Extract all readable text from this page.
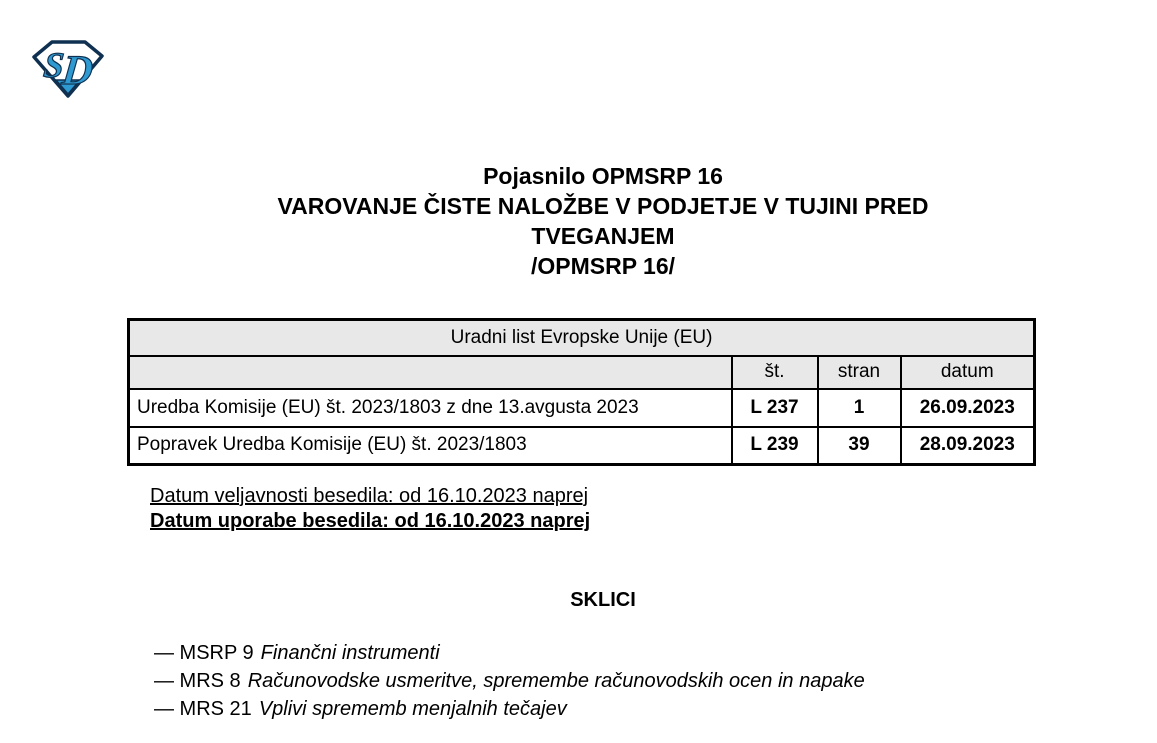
S
D
Pojasnilo OPMSRP 16
VAROVANJE ČISTE NALOŽBE V PODJETJE V TUJINI PRED
TVEGANJEM
/OPMSRP 16/
Uradni list Evropske Unije (EU)			
	št.	stran	datum
Uredba Komisije (EU) št. 2023/1803 z dne 13.avgusta 2023	L 237	1	26.09.2023
Popravek Uredba Komisije (EU) št. 2023/1803	L 239	39	28.09.2023
Datum veljavnosti besedila: od 16.10.2023 naprej
Datum uporabe besedila: od 16.10.2023 naprej
SKLICI
— MSRP 9 Finančni instrumenti
— MRS 8 Računovodske usmeritve, spremembe računovodskih ocen in napake
— MRS 21 Vplivi sprememb menjalnih tečajev
